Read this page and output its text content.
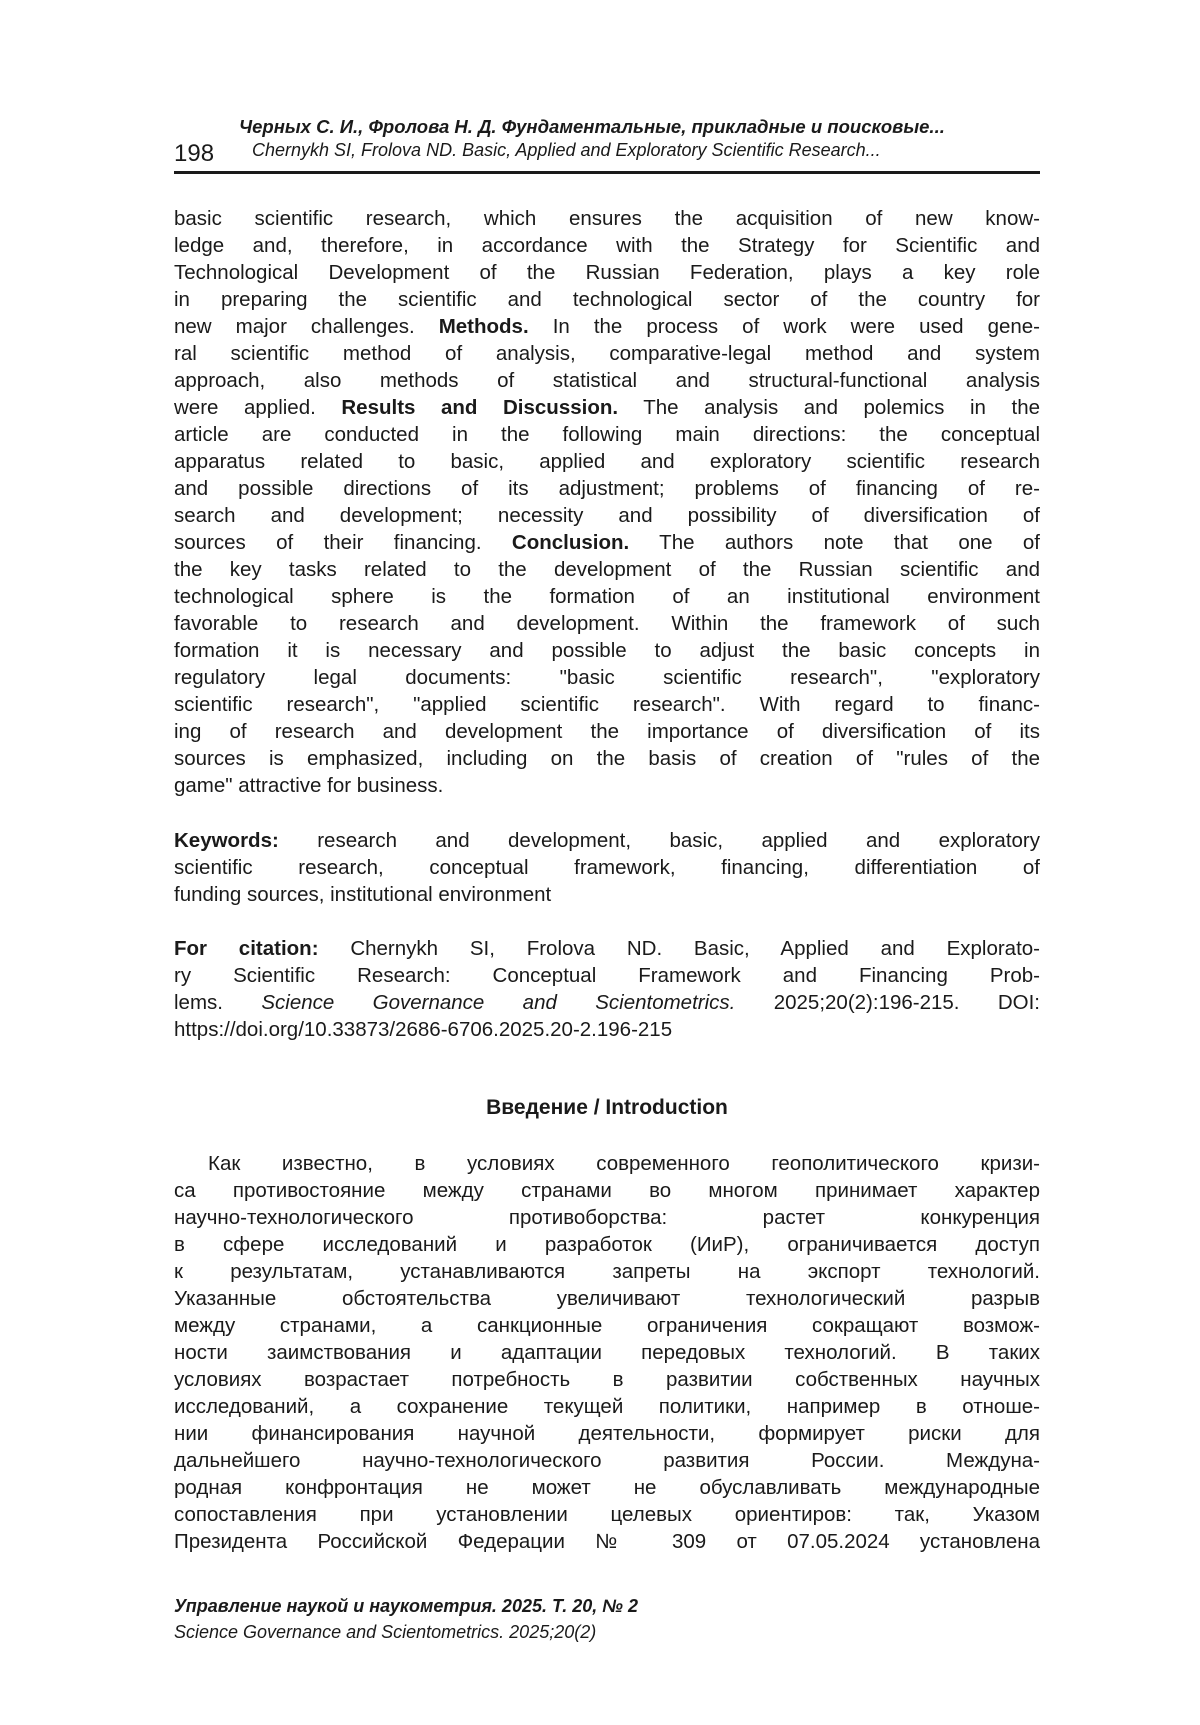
Черных С. И., Фролова Н. Д. Фундаментальные, прикладные и поисковые...
198 Chernykh SI, Frolova ND. Basic, Applied and Exploratory Scientific Research...
basic scientific research, which ensures the acquisition of new know-
ledge and, therefore, in accordance with the Strategy for Scientific and
Technological Development of the Russian Federation, plays a key role
in preparing the scientific and technological sector of the country for
new major challenges. Methods. In the process of work were used gene-
ral scientific method of analysis, comparative-legal method and system
approach, also methods of statistical and structural-functional analysis
were applied. Results and Discussion. The analysis and polemics in the
article are conducted in the following main directions: the conceptual
apparatus related to basic, applied and exploratory scientific research
and possible directions of its adjustment; problems of financing of re-
search and development; necessity and possibility of diversification of
sources of their financing. Conclusion. The authors note that one of
the key tasks related to the development of the Russian scientific and
technological sphere is the formation of an institutional environment
favorable to research and development. Within the framework of such
formation it is necessary and possible to adjust the basic concepts in
regulatory legal documents: "basic scientific research", "exploratory
scientific research", "applied scientific research". With regard to financ-
ing of research and development the importance of diversification of its
sources is emphasized, including on the basis of creation of "rules of the
game" attractive for business.
Keywords: research and development, basic, applied and exploratory
scientific research, conceptual framework, financing, differentiation of
funding sources, institutional environment
For citation: Chernykh SI, Frolova ND. Basic, Applied and Explorato-
ry Scientific Research: Conceptual Framework and Financing Prob-
lems. Science Governance and Scientometrics. 2025;20(2):196-215. DOI:
https://doi.org/10.33873/2686-6706.2025.20-2.196-215
Введение / Introduction
Как известно, в условиях современного геополитического кризи-
са противостояние между странами во многом принимает характер
научно-технологического противоборства: растет конкуренция
в сфере исследований и разработок (ИиР), ограничивается доступ
к результатам, устанавливаются запреты на экспорт технологий.
Указанные обстоятельства увеличивают технологический разрыв
между странами, а санкционные ограничения сокращают возмож-
ности заимствования и адаптации передовых технологий. В таких
условиях возрастает потребность в развитии собственных научных
исследований, а сохранение текущей политики, например в отноше-
нии финансирования научной деятельности, формирует риски для
дальнейшего научно-технологического развития России. Междуна-
родная конфронтация не может не обуславливать международные
сопоставления при установлении целевых ориентиров: так, Указом
Президента Российской Федерации № 309 от 07.05.2024 установлена
Управление наукой и наукометрия. 2025. Т. 20, № 2
Science Governance and Scientometrics. 2025;20(2)
